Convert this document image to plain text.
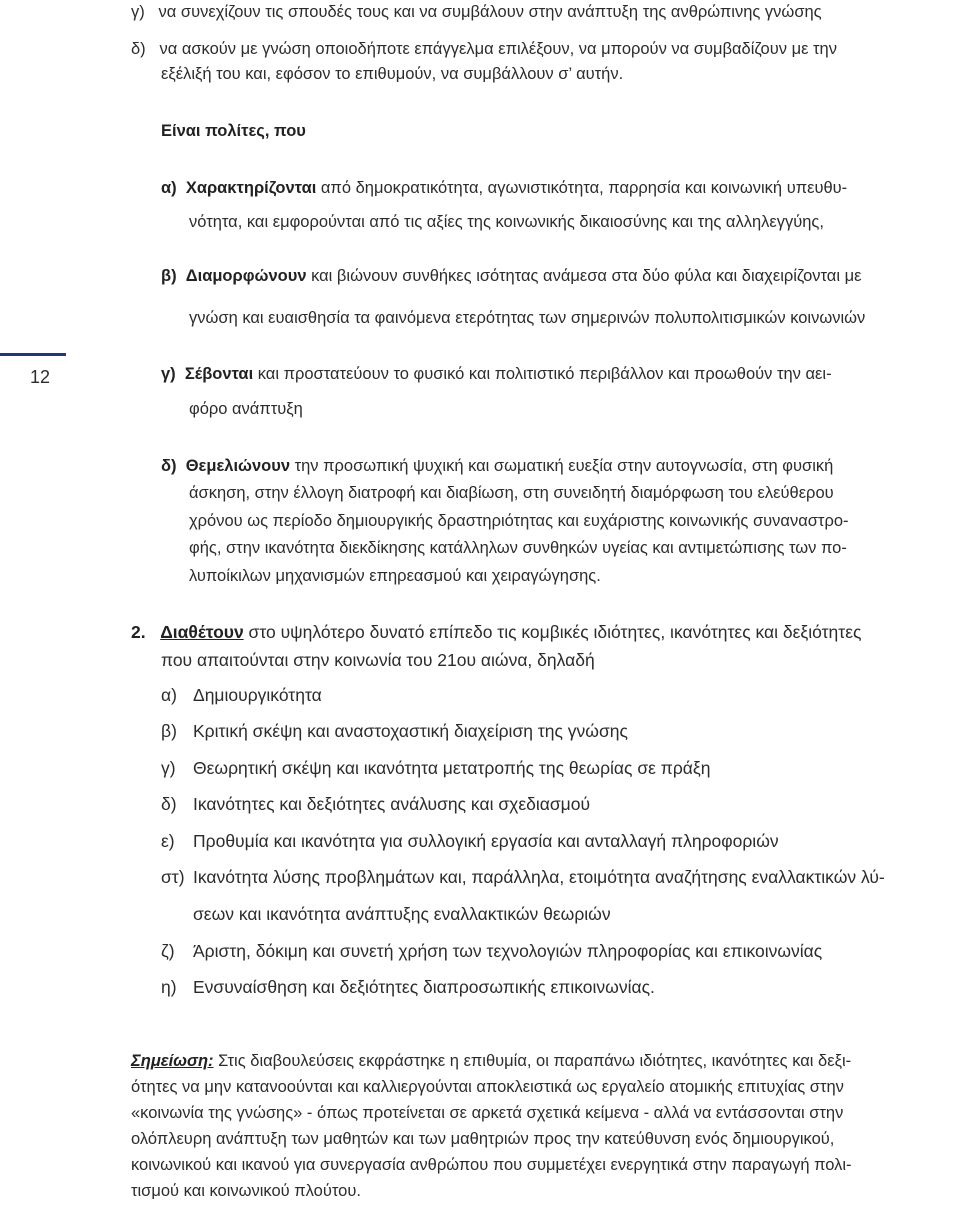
γ) να συνεχίζουν τις σπουδές τους και να συμβάλουν στην ανάπτυξη της ανθρώπινης γνώσης
δ) να ασκούν με γνώση οποιοδήποτε επάγγελμα επιλέξουν, να μπορούν να συμβαδίζουν με την
εξέλιξή του και, εφόσον το επιθυμούν, να συμβάλλουν σ’ αυτήν.
Είναι πολίτες, που
α) Χαρακτηρίζονται από δημοκρατικότητα, αγωνιστικότητα, παρρησία και κοινωνική υπευθυ-
νότητα, και εμφορούνται από τις αξίες της κοινωνικής δικαιοσύνης και της αλληλεγγύης,
β) Διαμορφώνουν και βιώνουν συνθήκες ισότητας ανάμεσα στα δύο φύλα και διαχειρίζονται με
γνώση και ευαισθησία τα φαινόμενα ετερότητας των σημερινών πολυπολιτισμικών κοινωνιών
12	γ) Σέβονται και προστατεύουν το φυσικό και πολιτιστικό περιβάλλον και προωθούν την αει-
φόρο ανάπτυξη
δ) Θεμελιώνουν την προσωπική ψυχική και σωματική ευεξία στην αυτογνωσία, στη φυσική
άσκηση, στην έλλογη διατροφή και διαβίωση, στη συνειδητή διαμόρφωση του ελεύθερου
χρόνου ως περίοδο δημιουργικής δραστηριότητας και ευχάριστης κοινωνικής συναναστρο-
φής, στην ικανότητα διεκδίκησης κατάλληλων συνθηκών υγείας και αντιμετώπισης των πο-
λυποίκιλων μηχανισμών επηρεασμού και χειραγώγησης.
2. Διαθέτουν στο υψηλότερο δυνατό επίπεδο τις κομβικές ιδιότητες, ικανότητες και δεξιότητες
που απαιτούνται στην κοινωνία του 21ου αιώνα, δηλαδή
α) Δημιουργικότητα
β) Κριτική σκέψη και αναστοχαστική διαχείριση της γνώσης
γ) Θεωρητική σκέψη και ικανότητα μετατροπής της θεωρίας σε πράξη
δ) Ικανότητες και δεξιότητες ανάλυσης και σχεδιασμού
ε) Προθυμία και ικανότητα για συλλογική εργασία και ανταλλαγή πληροφοριών
στ) Ικανότητα λύσης προβλημάτων και, παράλληλα, ετοιμότητα αναζήτησης εναλλακτικών λύ-
σεων και ικανότητα ανάπτυξης εναλλακτικών θεωριών
ζ) Άριστη, δόκιμη και συνετή χρήση των τεχνολογιών πληροφορίας και επικοινωνίας
η) Ενσυναίσθηση και δεξιότητες διαπροσωπικής επικοινωνίας.
Σημείωση: Στις διαβουλεύσεις εκφράστηκε η επιθυμία, οι παραπάνω ιδιότητες, ικανότητες και δεξι-
ότητες να μην κατανοούνται και καλλιεργούνται αποκλειστικά ως εργαλείο ατομικής επιτυχίας στην
«κοινωνία της γνώσης» - όπως προτείνεται σε αρκετά σχετικά κείμενα - αλλά να εντάσσονται στην
ολόπλευρη ανάπτυξη των μαθητών και των μαθητριών προς την κατεύθυνση ενός δημιουργικού,
κοινωνικού και ικανού για συνεργασία ανθρώπου που συμμετέχει ενεργητικά στην παραγωγή πολι-
τισμού και κοινωνικού πλούτου.
